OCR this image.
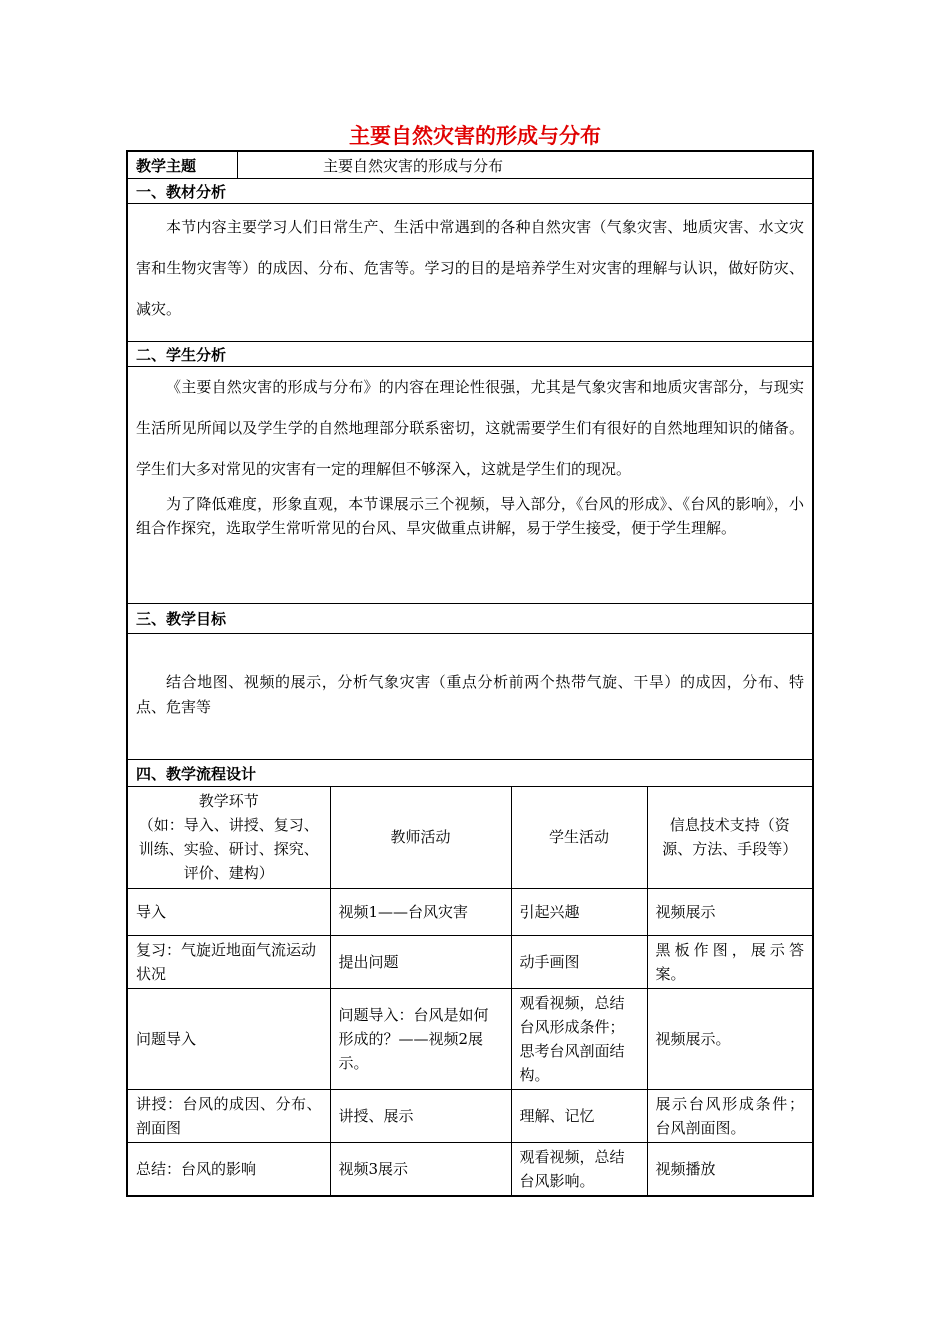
主要自然灾害的形成与分布
教学主题	主要自然灾害的形成与分布
一、教材分析

本节内容主要学习人们日常生产、生活中常遇到的各种自然灾害（气象灾害、地质灾害、水文灾害和生物灾害等）的成因、分布、危害等。学习的目的是培养学生对灾害的理解与认识，做好防灾、减灾。

二、学生分析

《主要自然灾害的形成与分布》的内容在理论性很强，尤其是气象灾害和地质灾害部分，与现实生活所见所闻以及学生学的自然地理部分联系密切，这就需要学生们有很好的自然地理知识的储备。学生们大多对常见的灾害有一定的理解但不够深入，这就是学生们的现况。

为了降低难度，形象直观，本节课展示三个视频，导入部分，《台风的形成》、《台风的影响》，小组合作探究，选取学生常听常见的台风、旱灾做重点讲解，易于学生接受，便于学生理解。

三、教学目标

结合地图、视频的展示，分析气象灾害（重点分析前两个热带气旋、干旱）的成因，分布、特点、危害等

四、教学流程设计
教学环节
（如：导入、讲授、复习、训练、实验、研讨、探究、评价、建构）	教师活动	学生活动	信息技术支持（资源、方法、手段等）
导入	视频1——台风灾害	引起兴趣	视频展示
复习：气旋近地面气流运动状况	提出问题	动手画图	黑板作图，展示答案。
问题导入	问题导入：台风是如何形成的？——视频2展示。	观看视频，总结台风形成条件；思考台风剖面结构。	视频展示。
讲授：台风的成因、分布、剖面图	讲授、展示	理解、记忆	展示台风形成条件；台风剖面图。
总结：台风的影响	视频3展示	观看视频，总结台风影响。	视频播放
